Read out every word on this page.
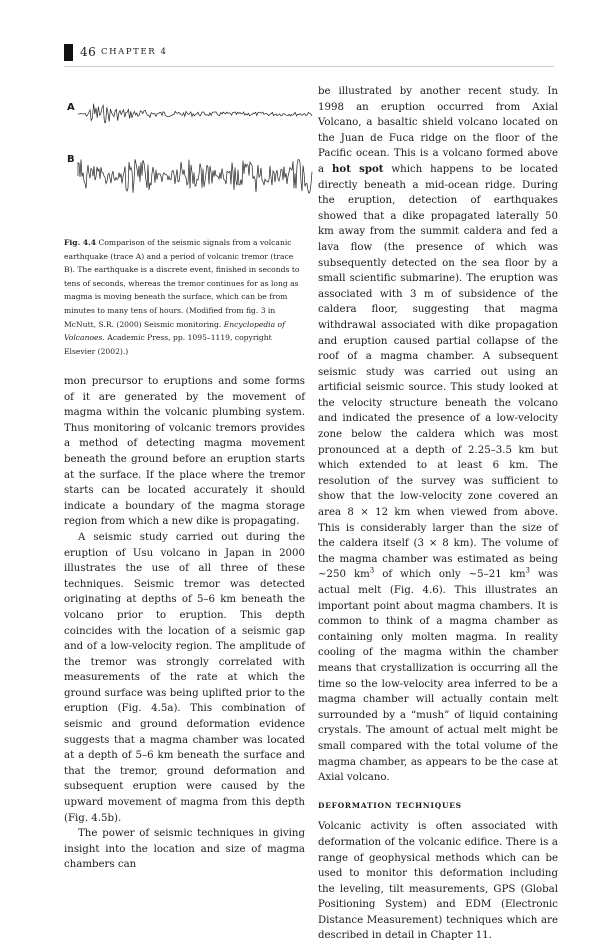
46 CHAPTER 4
A
B
Fig. 4.4 Comparison of the seismic signals from a volcanic earthquake (trace A) and a period of volcanic tremor (trace B). The earthquake is a discrete event, finished in seconds to tens of seconds, whereas the tremor continues for as long as magma is moving beneath the surface, which can be from minutes to many tens of hours. (Modified from fig. 3 in McNutt, S.R. (2000) Seismic monitoring. Encyclopedia of Volcanoes. Academic Press, pp. 1095–1119, copyright Elsevier (2002).)

mon precursor to eruptions and some forms of it are generated by the movement of magma within the volcanic plumbing system. Thus monitoring of volcanic tremors provides a method of detecting magma movement beneath the ground before an eruption starts at the surface. If the place where the tremor starts can be located accurately it should indicate a boundary of the magma storage region from which a new dike is propagating.

A seismic study carried out during the eruption of Usu volcano in Japan in 2000 illustrates the use of all three of these techniques. Seismic tremor was detected originating at depths of 5–6 km beneath the volcano prior to eruption. This depth coincides with the location of a seismic gap and of a low-velocity region. The amplitude of the tremor was strongly correlated with measurements of the rate at which the ground surface was being uplifted prior to the eruption (Fig. 4.5a). This combination of seismic and ground deformation evidence suggests that a magma chamber was located at a depth of 5–6 km beneath the surface and that the tremor, ground deformation and subsequent eruption were caused by the upward movement of magma from this depth (Fig. 4.5b).

The power of seismic techniques in giving insight into the location and size of magma chambers can

be illustrated by another recent study. In 1998 an eruption occurred from Axial Volcano, a basaltic shield volcano located on the Juan de Fuca ridge on the floor of the Pacific ocean. This is a volcano formed above a hot spot which happens to be located directly beneath a mid-ocean ridge. During the eruption, detection of earthquakes showed that a dike propagated laterally 50 km away from the summit caldera and fed a lava flow (the presence of which was subsequently detected on the sea floor by a small scientific submarine). The eruption was associated with 3 m of subsidence of the caldera floor, suggesting that magma withdrawal associated with dike propagation and eruption caused partial collapse of the roof of a magma chamber. A subsequent seismic study was carried out using an artificial seismic source. This study looked at the velocity structure beneath the volcano and indicated the presence of a low-velocity zone below the caldera which was most pronounced at a depth of 2.25–3.5 km but which extended to at least 6 km. The resolution of the survey was sufficient to show that the low-velocity zone covered an area 8 × 12 km when viewed from above. This is considerably larger than the size of the caldera itself (3 × 8 km). The volume of the magma chamber was estimated as being ~250 $km^3$ of which only ~5–21 $km^3$ was actual melt (Fig. 4.6). This illustrates an important point about magma chambers. It is common to think of a magma chamber as containing only molten magma. In reality cooling of the magma within the chamber means that crystallization is occurring all the time so the low-velocity area inferred to be a magma chamber will actually contain melt surrounded by a “mush” of liquid containing crystals. The amount of actual melt might be small compared with the total volume of the magma chamber, as appears to be the case at Axial volcano.

DEFORMATION TECHNIQUES

Volcanic activity is often associated with deformation of the volcanic edifice. There is a range of geophysical methods which can be used to monitor this deformation including the leveling, tilt measurements, GPS (Global Positioning System) and EDM (Electronic Distance Measurement) techniques which are described in detail in Chapter 11.
